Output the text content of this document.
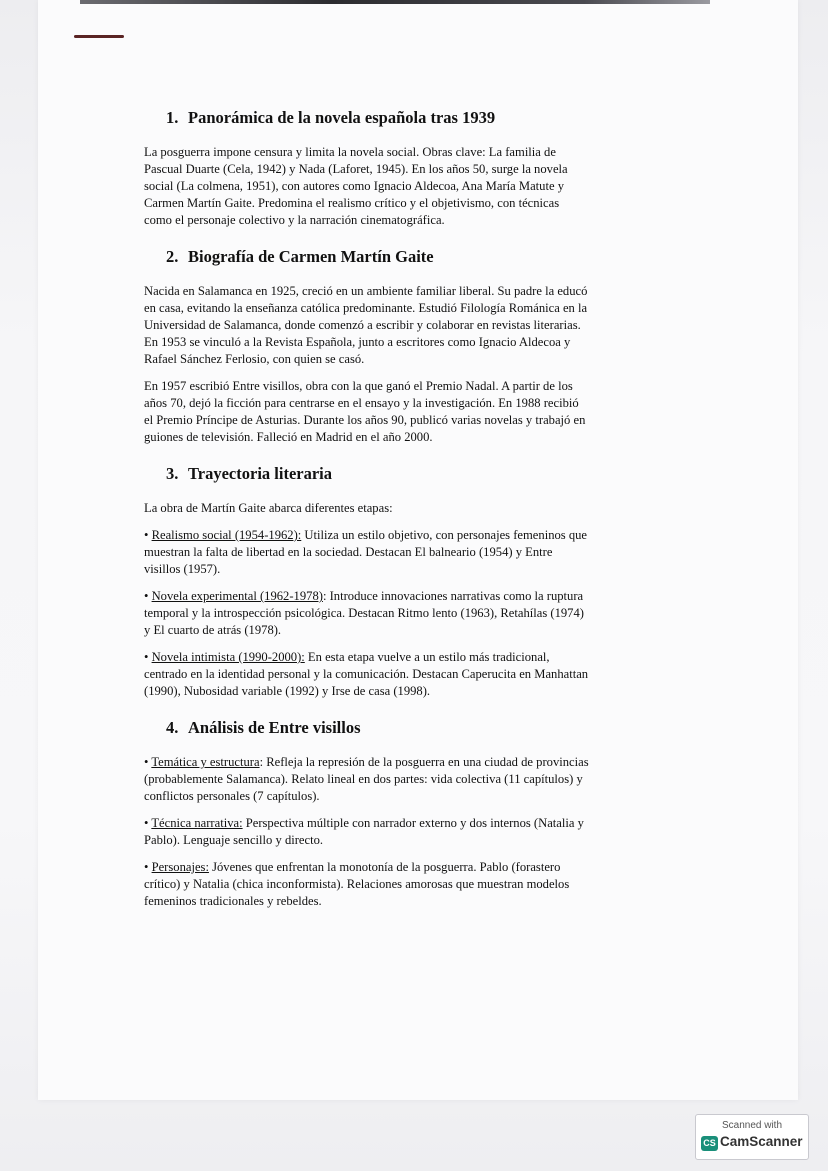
1. Panorámica de la novela española tras 1939

La posguerra impone censura y limita la novela social. Obras clave: La familia de
Pascual Duarte (Cela, 1942) y Nada (Laforet, 1945). En los años 50, surge la novela
social (La colmena, 1951), con autores como Ignacio Aldecoa, Ana María Matute y
Carmen Martín Gaite. Predomina el realismo crítico y el objetivismo, con técnicas
como el personaje colectivo y la narración cinematográfica.

2. Biografía de Carmen Martín Gaite

Nacida en Salamanca en 1925, creció en un ambiente familiar liberal. Su padre la educó
en casa, evitando la enseñanza católica predominante. Estudió Filología Románica en la
Universidad de Salamanca, donde comenzó a escribir y colaborar en revistas literarias.
En 1953 se vinculó a la Revista Española, junto a escritores como Ignacio Aldecoa y
Rafael Sánchez Ferlosio, con quien se casó.

En 1957 escribió Entre visillos, obra con la que ganó el Premio Nadal. A partir de los
años 70, dejó la ficción para centrarse en el ensayo y la investigación. En 1988 recibió
el Premio Príncipe de Asturias. Durante los años 90, publicó varias novelas y trabajó en
guiones de televisión. Falleció en Madrid en el año 2000.

3. Trayectoria literaria

La obra de Martín Gaite abarca diferentes etapas:

• Realismo social (1954-1962): Utiliza un estilo objetivo, con personajes femeninos que
muestran la falta de libertad en la sociedad. Destacan El balneario (1954) y Entre
visillos (1957).

• Novela experimental (1962-1978): Introduce innovaciones narrativas como la ruptura
temporal y la introspección psicológica. Destacan Ritmo lento (1963), Retahílas (1974)
y El cuarto de atrás (1978).

• Novela intimista (1990-2000): En esta etapa vuelve a un estilo más tradicional,
centrado en la identidad personal y la comunicación. Destacan Caperucita en Manhattan
(1990), Nubosidad variable (1992) y Irse de casa (1998).

4. Análisis de Entre visillos

• Temática y estructura: Refleja la represión de la posguerra en una ciudad de provincias
(probablemente Salamanca). Relato lineal en dos partes: vida colectiva (11 capítulos) y
conflictos personales (7 capítulos).

• Técnica narrativa: Perspectiva múltiple con narrador externo y dos internos (Natalia y
Pablo). Lenguaje sencillo y directo.

• Personajes: Jóvenes que enfrentan la monotonía de la posguerra. Pablo (forastero
crítico) y Natalia (chica inconformista). Relaciones amorosas que muestran modelos
femeninos tradicionales y rebeldes.

Scanned with
CS CamScanner
